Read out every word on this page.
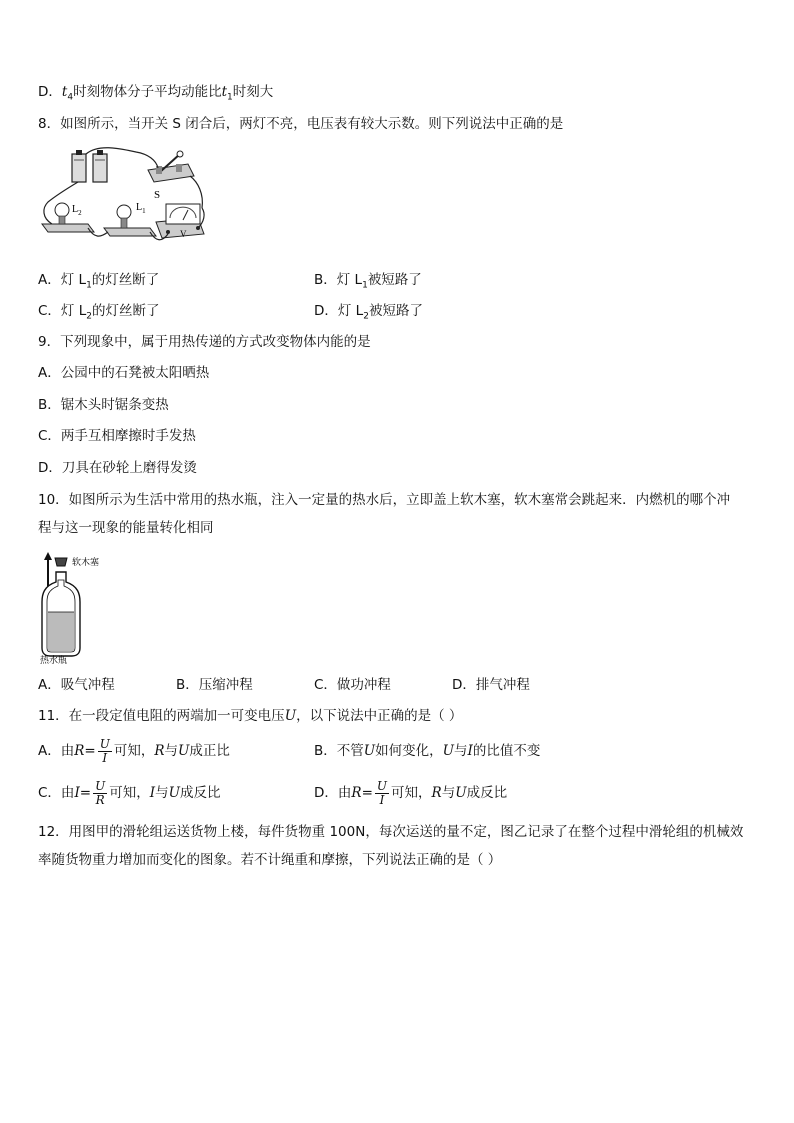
D．$t_4$时刻物体分子平均动能比$t_1$时刻大
8．如图所示，当开关 S 闭合后，两灯不亮，电压表有较大示数。则下列说法中正确的是
S
$L_2$	$L_1$
V
A．灯 $L_1$的灯丝断了	B．灯 $L_1$被短路了
C．灯 $L_2$的灯丝断了	D．灯 $L_2$被短路了
9．下列现象中，属于用热传递的方式改变物体内能的是
A．公园中的石凳被太阳晒热
B．锯木头时锯条变热
C．两手互相摩擦时手发热
D．刀具在砂轮上磨得发烫
10．如图所示为生活中常用的热水瓶，注入一定量的热水后，立即盖上软木塞，软木塞常会跳起来．内燃机的哪个冲
程与这一现象的能量转化相同
软木塞
热水瓶
A．吸气冲程	B．压缩冲程	C．做功冲程	D．排气冲程
11．在一段定值电阻的两端加一可变电压U，以下说法中正确的是（ ）
A．由$R= \frac{U}{I}$ 可知，R与U成正比	B．不管U如何变化，U与I的比值不变
C．由$I= \frac{U}{R}$ 可知，I与U成反比	D．由$R= \frac{U}{I}$ 可知，R与U成反比
12．用图甲的滑轮组运送货物上楼，每件货物重 100N，每次运送的量不定，图乙记录了在整个过程中滑轮组的机械效
率随货物重力增加而变化的图象。若不计绳重和摩擦，下列说法正确的是（ ）
